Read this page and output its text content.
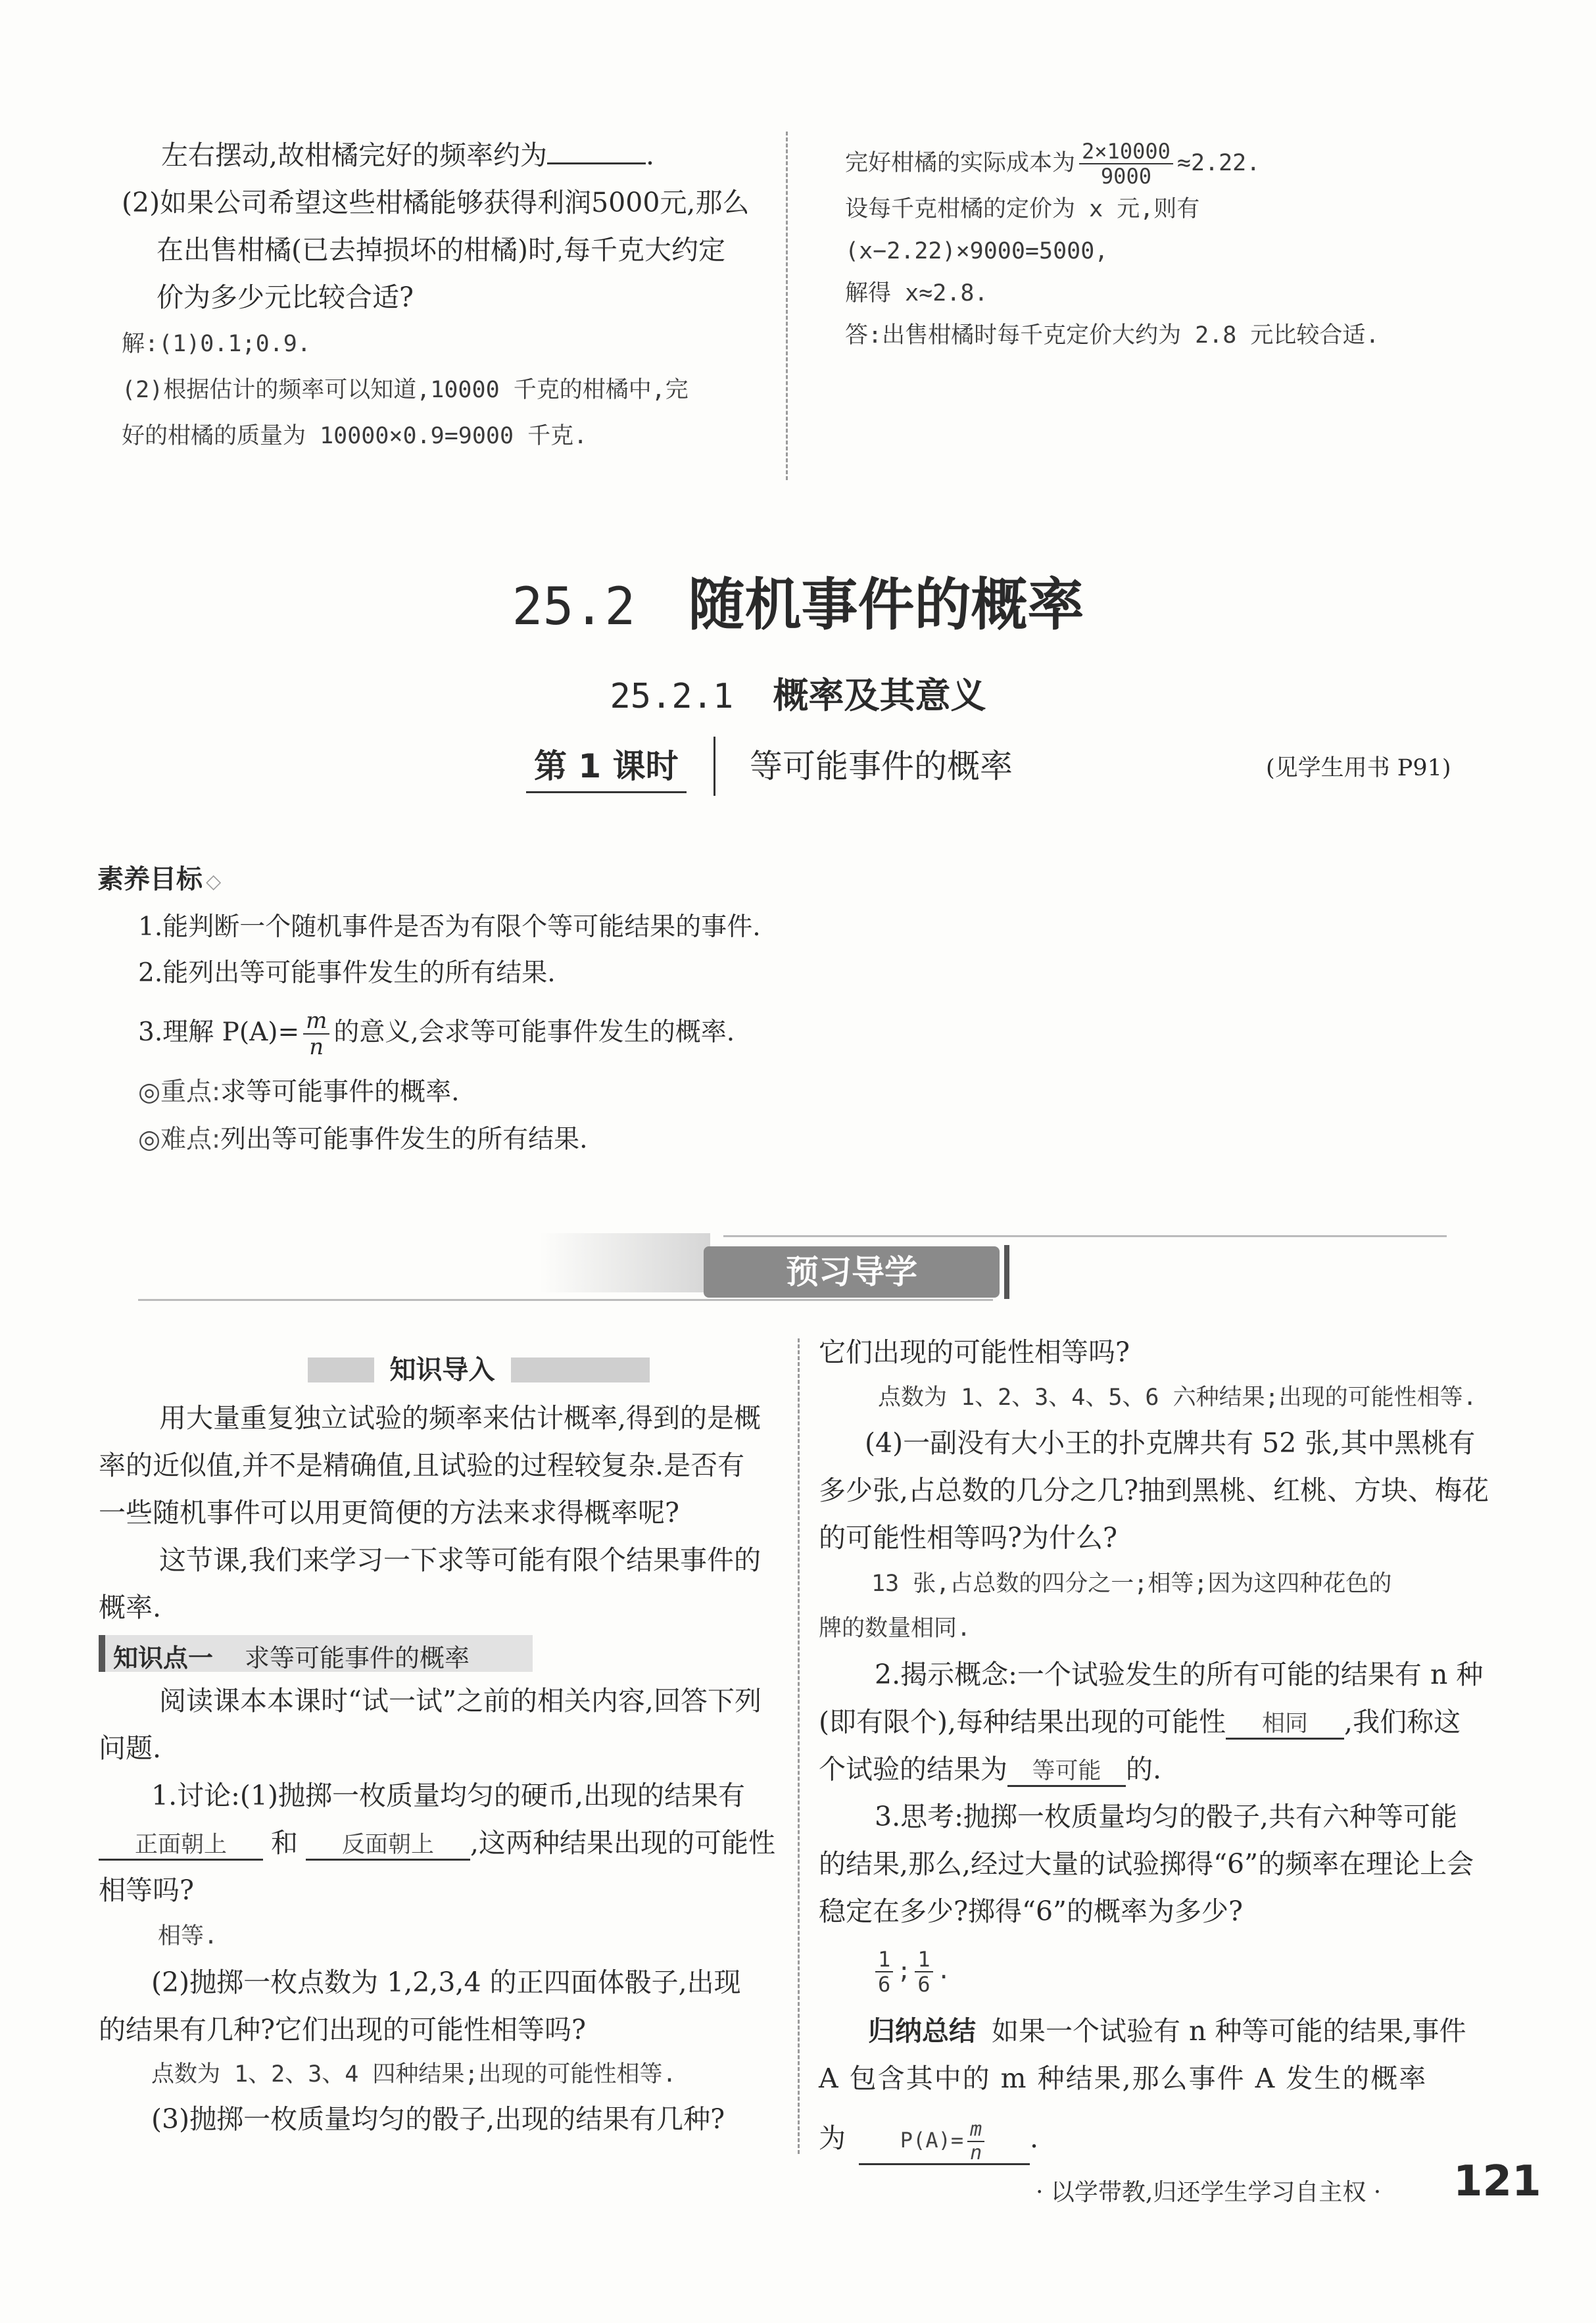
左右摆动,故柑橘完好的频率约为	.

(2)如果公司希望这些柑橘能够获得利润5000元,那么

在出售柑橘(已去掉损坏的柑橘)时,每千克大约定

价为多少元比较合适?

解:(1)0.1;0.9.

(2)根据估计的频率可以知道,10000 千克的柑橘中,完

好的柑橘的质量为 10000×0.9=9000 千克.

完好柑橘的实际成本为 $\frac{2\times 10000}{9000} \approx 2.22$.

设每千克柑橘的定价为 x 元,则有

(x−2.22)×9000=5000,

解得 x≈2.8.

答:出售柑橘时每千克定价大约为 2.8 元比较合适.

25.2 随机事件的概率
25.2.1 概率及其意义
第 1 课时 等可能事件的概率	(见学生用书 P91)
素养目标 ◇

1.能判断一个随机事件是否为有限个等可能结果的事件.

2.能列出等可能事件发生的所有结果.

3.理解 $P(A)= \frac{m}{n}$ 的意义,会求等可能事件发生的概率.

◎重点:求等可能事件的概率.

◎难点:列出等可能事件发生的所有结果.

预习导学
知识导入

用大量重复独立试验的频率来估计概率,得到的是概

率的近似值,并不是精确值,且试验的过程较复杂.是否有

一些随机事件可以用更简便的方法来求得概率呢?

这节课,我们来学习一下求等可能有限个结果事件的

概率.

知识点一 求等可能事件的概率

阅读课本本课时“试一试”之前的相关内容,回答下列

问题.

1.讨论:(1)抛掷一枚质量均匀的硬币,出现的结果有

正面朝上 和 反面朝上 ,这两种结果出现的可能性

相等吗?

相等.

(2)抛掷一枚点数为 1,2,3,4 的正四面体骰子,出现

的结果有几种?它们出现的可能性相等吗?

点数为 1、2、3、4 四种结果;出现的可能性相等.

(3)抛掷一枚质量均匀的骰子,出现的结果有几种?

它们出现的可能性相等吗?

点数为 1、2、3、4、5、6 六种结果;出现的可能性相等.

(4)一副没有大小王的扑克牌共有 52 张,其中黑桃有

多少张,占总数的几分之几?抽到黑桃、红桃、方块、梅花

的可能性相等吗?为什么?

13 张,占总数的四分之一;相等;因为这四种花色的

牌的数量相同.

2.揭示概念:一个试验发生的所有可能的结果有 n 种

(即有限个),每种结果出现的可能性 相同 ,我们称这

个试验的结果为 等可能 的.

3.思考:抛掷一枚质量均匀的骰子,共有六种等可能

的结果,那么,经过大量的试验掷得“6”的频率在理论上会

稳定在多少?掷得“6”的概率为多少?

$\frac{1}{6}$ ; $\frac{1}{6}$ .

归纳总结 如果一个试验有 n 种等可能的结果,事件

A 包含其中的 m 种结果,那么事件 A 发生的概率

为	$P(A)= \frac{m}{n}$ .

· 以学带教,归还学生学习自主权 · 121
